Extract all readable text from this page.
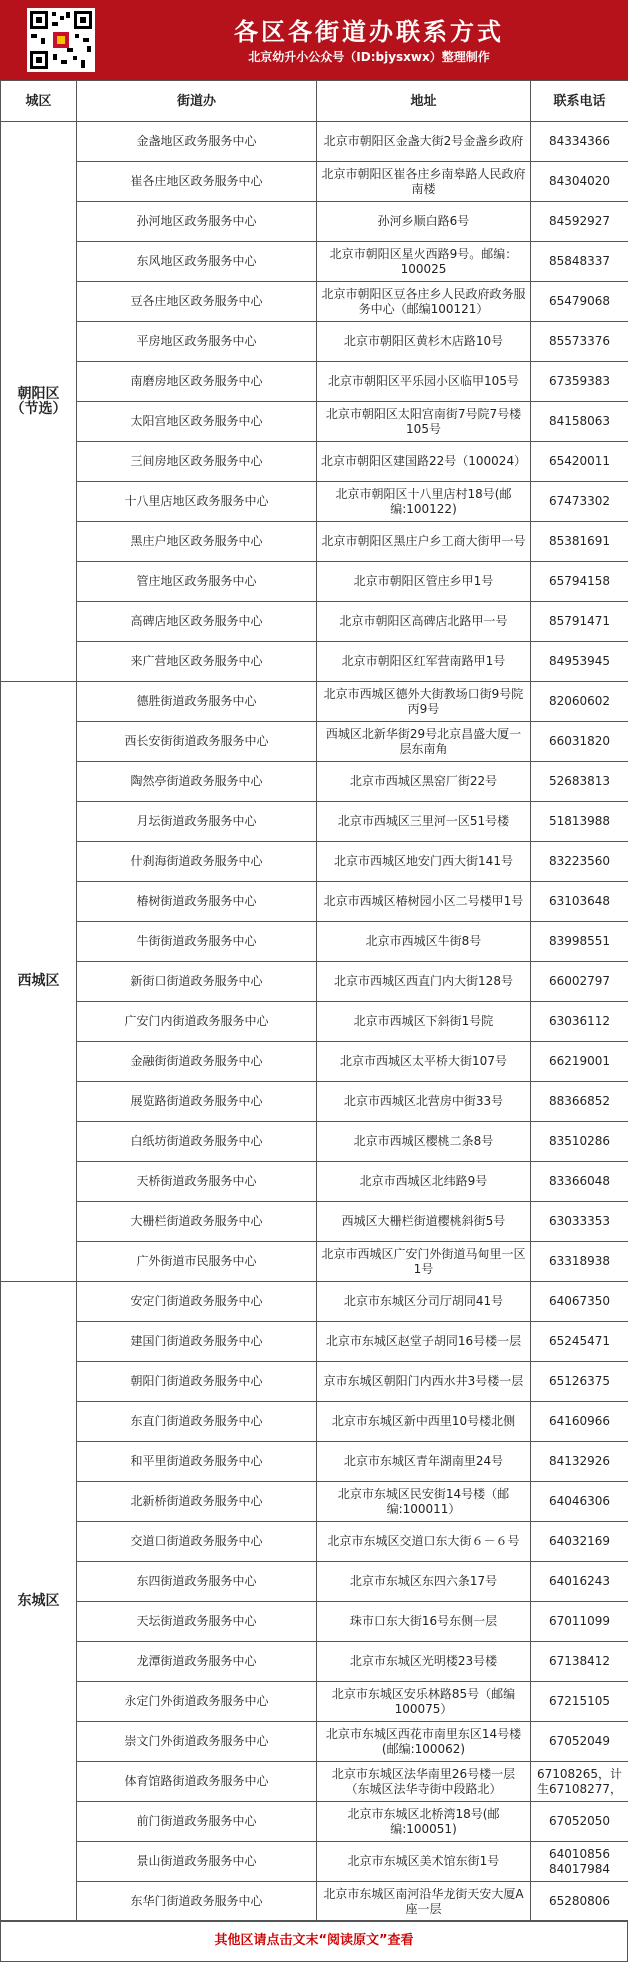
各区各街道办联系方式
北京幼升小公众号（ID:bjysxwx）整理制作
城区	街道办	地址	联系电话
朝阳区
（节选）	金盏地区政务服务中心	北京市朝阳区金盏大街2号金盏乡政府	84334366
	崔各庄地区政务服务中心	北京市朝阳区崔各庄乡南皋路人民政府南楼	84304020
	孙河地区政务服务中心	孙河乡顺白路6号	84592927
	东风地区政务服务中心	北京市朝阳区星火西路9号。邮编：100025	85848337
	豆各庄地区政务服务中心	北京市朝阳区豆各庄乡人民政府政务服务中心（邮编100121）	65479068
	平房地区政务服务中心	北京市朝阳区黄杉木店路10号	85573376
	南磨房地区政务服务中心	北京市朝阳区平乐园小区临甲105号	67359383
	太阳宫地区政务服务中心	北京市朝阳区太阳宫南街7号院7号楼105号	84158063
	三间房地区政务服务中心	北京市朝阳区建国路22号（100024）	65420011
	十八里店地区政务服务中心	北京市朝阳区十八里店村18号(邮编:100122)	67473302
	黑庄户地区政务服务中心	北京市朝阳区黑庄户乡工商大街甲一号	85381691
	管庄地区政务服务中心	北京市朝阳区管庄乡甲1号	65794158
	高碑店地区政务服务中心	北京市朝阳区高碑店北路甲一号	85791471
	来广营地区政务服务中心	北京市朝阳区红军营南路甲1号	84953945
西城区	德胜街道政务服务中心	北京市西城区德外大街教场口街9号院丙9号	82060602
	西长安街街道政务服务中心	西城区北新华街29号北京昌盛大厦一层东南角	66031820
	陶然亭街道政务服务中心	北京市西城区黑窑厂街22号	52683813
	月坛街道政务服务中心	北京市西城区三里河一区51号楼	51813988
	什刹海街道政务服务中心	北京市西城区地安门西大街141号	83223560
	椿树街道政务服务中心	北京市西城区椿树园小区二号楼甲1号	63103648
	牛街街道政务服务中心	北京市西城区牛街8号	83998551
	新街口街道政务服务中心	北京市西城区西直门内大街128号	66002797
	广安门内街道政务服务中心	北京市西城区下斜街1号院	63036112
	金融街街道政务服务中心	北京市西城区太平桥大街107号	66219001
	展览路街道政务服务中心	北京市西城区北营房中街33号	88366852
	白纸坊街道政务服务中心	北京市西城区樱桃二条8号	83510286
	天桥街道政务服务中心	北京市西城区北纬路9号	83366048
	大栅栏街道政务服务中心	西城区大栅栏街道樱桃斜街5号	63033353
	广外街道市民服务中心	北京市西城区广安门外街道马甸里一区1号	63318938
东城区	安定门街道政务服务中心	北京市东城区分司厅胡同41号	64067350
	建国门街道政务服务中心	北京市东城区赵堂子胡同16号楼一层	65245471
	朝阳门街道政务服务中心	京市东城区朝阳门内西水井3号楼一层	65126375
	东直门街道政务服务中心	北京市东城区新中西里10号楼北侧	64160966
	和平里街道政务服务中心	北京市东城区青年湖南里24号	84132926
	北新桥街道政务服务中心	北京市东城区民安街14号楼（邮编:100011）	64046306
	交道口街道政务服务中心	北京市东城区交道口东大街６－６号	64032169
	东四街道政务服务中心	北京市东城区东四六条17号	64016243
	天坛街道政务服务中心	珠市口东大街16号东侧一层	67011099
	龙潭街道政务服务中心	北京市东城区光明楼23号楼	67138412
	永定门外街道政务服务中心	北京市东城区安乐林路85号（邮编100075）	67215105
	崇文门外街道政务服务中心	北京市东城区西花市南里东区14号楼(邮编:100062)	67052049
	体育馆路街道政务服务中心	北京市东城区法华南里26号楼一层（东城区法华寺街中段路北）	67108265，计生67108277，
	前门街道政务服务中心	北京市东城区北桥湾18号(邮编:100051)	67052050
	景山街道政务服务中心	北京市东城区美术馆东街1号	64010856
84017984
	东华门街道政务服务中心	北京市东城区南河沿华龙街天安大厦A座一层	65280806
其他区请点击文末“阅读原文”查看
